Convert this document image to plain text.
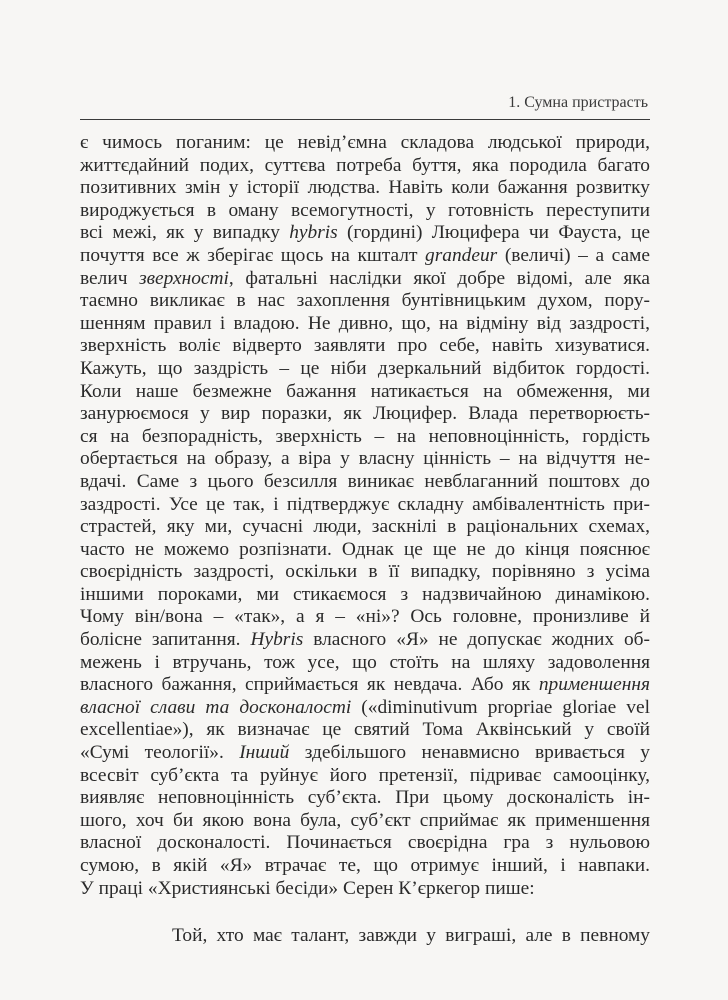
1. Сумна пристрасть
є чимось поганим: це невід’ємна складова людської природи,
життєдайний подих, суттєва потреба буття, яка породила багато
позитивних змін у історії людства. Навіть коли бажання розвитку
вироджується в оману всемогутності, у готовність переступити
всі межі, як у випадку hybris (гордині) Люцифера чи Фауста, це
почуття все ж зберігає щось на кшталт grandeur (величі) – а саме
велич зверхності, фатальні наслідки якої добре відомі, але яка
таємно викликає в нас захоплення бунтівницьким духом, пору-
шенням правил і владою. Не дивно, що, на відміну від заздрості,
зверхність воліє відверто заявляти про себе, навіть хизуватися.
Кажуть, що заздрість – це ніби дзеркальний відбиток гордості.
Коли наше безмежне бажання натикається на обмеження, ми
занурюємося у вир поразки, як Люцифер. Влада перетворюєть-
ся на безпорадність, зверхність – на неповноцінність, гордість
обертається на образу, а віра у власну цінність – на відчуття не-
вдачі. Саме з цього безсилля виникає невблаганний поштовх до
заздрості. Усе це так, і підтверджує складну амбівалентність при-
страстей, яку ми, сучасні люди, заскнілі в раціональних схемах,
часто не можемо розпізнати. Однак це ще не до кінця пояснює
своєрідність заздрості, оскільки в її випадку, порівняно з усіма
іншими пороками, ми стикаємося з надзвичайною динамікою.
Чому він/вона – «так», а я – «ні»? Ось головне, пронизливе й
болісне запитання. Hybris власного «Я» не допускає жодних об-
межень і втручань, тож усе, що стоїть на шляху задоволення
власного бажання, сприймається як невдача. Або як применшення
власної слави та досконалості («diminutivum propriae gloriae vel
excellentiae»), як визначає це святий Тома Аквінський у своїй
«Сумі теології». Інший здебільшого ненавмисно вривається у
всесвіт суб’єкта та руйнує його претензії, підриває самооцінку,
виявляє неповноцінність суб’єкта. При цьому досконалість ін-
шого, хоч би якою вона була, суб’єкт сприймає як применшення
власної досконалості. Починається своєрідна гра з нульовою
сумою, в якій «Я» втрачає те, що отримує інший, і навпаки.
У праці «Християнські бесіди» Серен К’єркегор пише:
Той, хто має талант, завжди у виграші, але в певному
